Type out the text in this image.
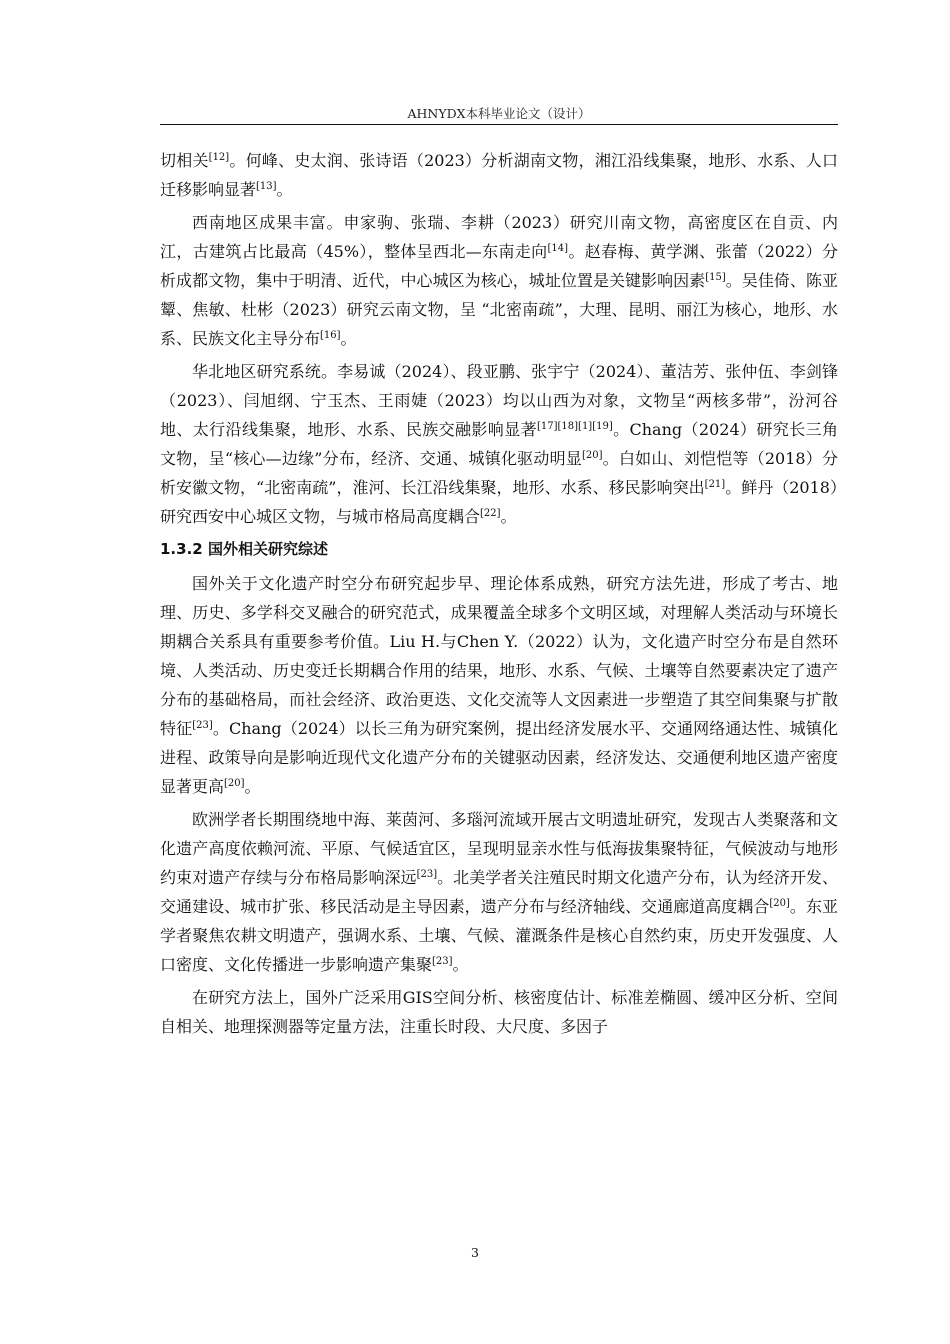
AHNYDX本科毕业论文（设计）

切相关[12]。何峰、史太润、张诗语（2023）分析湖南文物，湘江沿线集聚，地形、水系、人口迁移影响显著[13]。

西南地区成果丰富。申家驹、张瑞、李耕（2023）研究川南文物，高密度区在自贡、内江，古建筑占比最高（45%），整体呈西北—东南走向[14]。赵春梅、黄学渊、张蕾（2022）分析成都文物，集中于明清、近代，中心城区为核心，城址位置是关键影响因素[15]。吴佳倚、陈亚颦、焦敏、杜彬（2023）研究云南文物，呈 “北密南疏”，大理、昆明、丽江为核心，地形、水系、民族文化主导分布[16]。

华北地区研究系统。李易诚（2024）、段亚鹏、张宇宁（2024）、董洁芳、张仲伍、李剑锋（2023）、闫旭纲、宁玉杰、王雨婕（2023）均以山西为对象，文物呈“两核多带”，汾河谷地、太行沿线集聚，地形、水系、民族交融影响显著[17][18][1][19]。Chang（2024）研究长三角文物，呈“核心—边缘”分布，经济、交通、城镇化驱动明显[20]。白如山、刘恺恺等（2018）分析安徽文物，“北密南疏”，淮河、长江沿线集聚，地形、水系、移民影响突出[21]。鲜丹（2018）研究西安中心城区文物，与城市格局高度耦合[22]。

1.3.2 国外相关研究综述

国外关于文化遗产时空分布研究起步早、理论体系成熟，研究方法先进，形成了考古、地理、历史、多学科交叉融合的研究范式，成果覆盖全球多个文明区域，对理解人类活动与环境长期耦合关系具有重要参考价值。Liu H.与Chen Y.（2022）认为，文化遗产时空分布是自然环境、人类活动、历史变迁长期耦合作用的结果，地形、水系、气候、土壤等自然要素决定了遗产分布的基础格局，而社会经济、政治更迭、文化交流等人文因素进一步塑造了其空间集聚与扩散特征[23]。Chang（2024）以长三角为研究案例，提出经济发展水平、交通网络通达性、城镇化进程、政策导向是影响近现代文化遗产分布的关键驱动因素，经济发达、交通便利地区遗产密度显著更高[20]。

欧洲学者长期围绕地中海、莱茵河、多瑙河流域开展古文明遗址研究，发现古人类聚落和文化遗产高度依赖河流、平原、气候适宜区，呈现明显亲水性与低海拔集聚特征，气候波动与地形约束对遗产存续与分布格局影响深远[23]。北美学者关注殖民时期文化遗产分布，认为经济开发、交通建设、城市扩张、移民活动是主导因素，遗产分布与经济轴线、交通廊道高度耦合[20]。东亚学者聚焦农耕文明遗产，强调水系、土壤、气候、灌溉条件是核心自然约束，历史开发强度、人口密度、文化传播进一步影响遗产集聚[23]。

在研究方法上，国外广泛采用GIS空间分析、核密度估计、标准差椭圆、缓冲区分析、空间自相关、地理探测器等定量方法，注重长时段、大尺度、多因子

3
